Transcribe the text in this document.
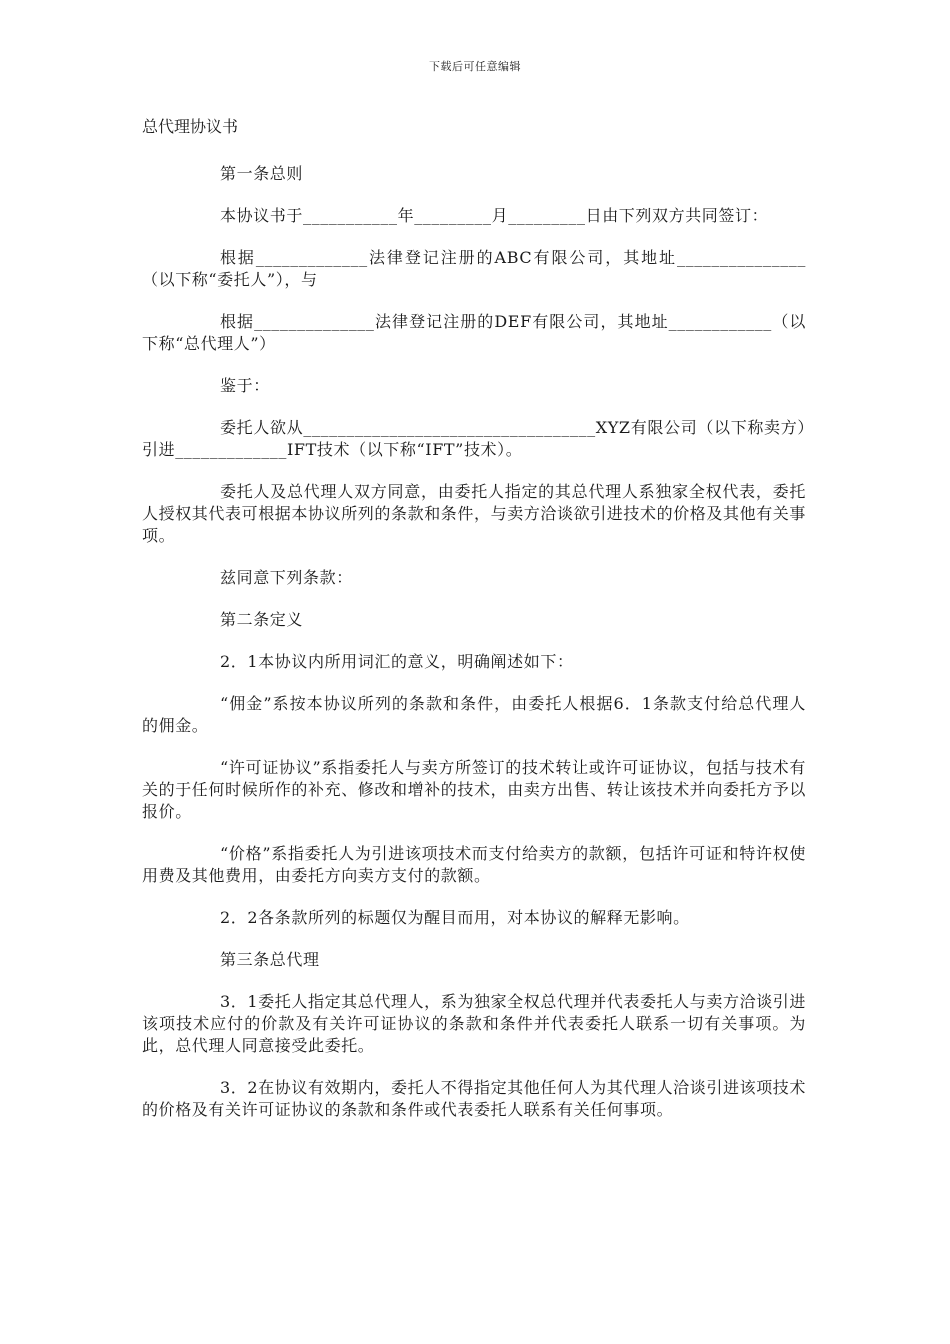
下载后可任意编辑
总代理协议书

第一条总则

本协议书于___________年_________月_________日由下列双方共同签订：

根据_____________法律登记注册的ABC有限公司，其地址_______________（以下称“委托人”），与

根据______________法律登记注册的DEF有限公司，其地址____________（以下称“总代理人”）

鉴于：

委托人欲从__________________________________XYZ有限公司（以下称卖方）引进_____________IFT技术（以下称“IFT”技术）。

委托人及总代理人双方同意，由委托人指定的其总代理人系独家全权代表，委托人授权其代表可根据本协议所列的条款和条件，与卖方洽谈欲引进技术的价格及其他有关事项。

兹同意下列条款：

第二条定义

2．1本协议内所用词汇的意义，明确阐述如下：

“佣金”系按本协议所列的条款和条件，由委托人根据6．1条款支付给总代理人的佣金。

“许可证协议”系指委托人与卖方所签订的技术转让或许可证协议，包括与技术有关的于任何时候所作的补充、修改和增补的技术，由卖方出售、转让该技术并向委托方予以报价。

“价格”系指委托人为引进该项技术而支付给卖方的款额，包括许可证和特许权使用费及其他费用，由委托方向卖方支付的款额。

2．2各条款所列的标题仅为醒目而用，对本协议的解释无影响。

第三条总代理

3．1委托人指定其总代理人，系为独家全权总代理并代表委托人与卖方洽谈引进该项技术应付的价款及有关许可证协议的条款和条件并代表委托人联系一切有关事项。为此，总代理人同意接受此委托。

3．2在协议有效期内，委托人不得指定其他任何人为其代理人洽谈引进该项技术的价格及有关许可证协议的条款和条件或代表委托人联系有关任何事项。
